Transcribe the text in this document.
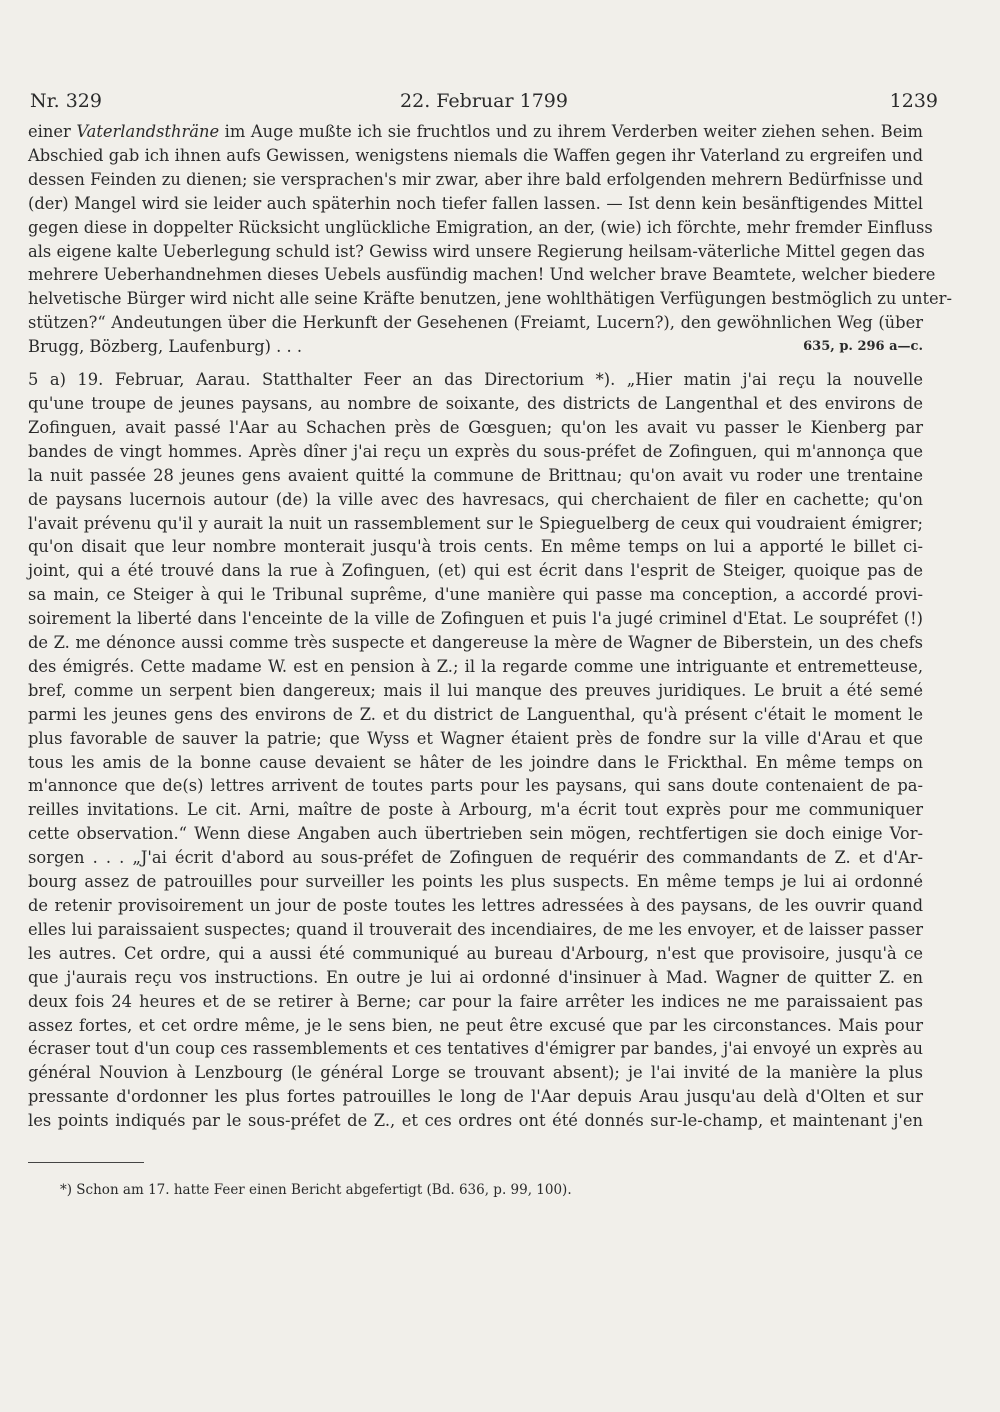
Nr. 329	22. Februar 1799	1239

einer Vaterlandsthräne im Auge mußte ich sie fruchtlos und zu ihrem Verderben weiter ziehen sehen. Beim
Abschied gab ich ihnen aufs Gewissen, wenigstens niemals die Waffen gegen ihr Vaterland zu ergreifen und
dessen Feinden zu dienen; sie versprachen's mir zwar, aber ihre bald erfolgenden mehrern Bedürfnisse und
(der) Mangel wird sie leider auch späterhin noch tiefer fallen lassen. — Ist denn kein besänftigendes Mittel
gegen diese in doppelter Rücksicht unglückliche Emigration, an der, (wie) ich förchte, mehr fremder Einfluss
als eigene kalte Ueberlegung schuld ist? Gewiss wird unsere Regierung heilsam-väterliche Mittel gegen das
mehrere Ueberhandnehmen dieses Uebels ausfündig machen! Und welcher brave Beamtete, welcher biedere
helvetische Bürger wird nicht alle seine Kräfte benutzen, jene wohlthätigen Verfügungen bestmöglich zu unter-
stützen?“ Andeutungen über die Herkunft der Gesehenen (Freiamt, Lucern?), den gewöhnlichen Weg (über

Brugg, Bözberg, Laufenburg) . . .	635, p. 296 a—c.

5 a) 19. Februar, Aarau. Statthalter Feer an das Directorium *). „Hier matin j'ai reçu la nouvelle
qu'une troupe de jeunes paysans, au nombre de soixante, des districts de Langenthal et des environs de
Zofinguen, avait passé l'Aar au Schachen près de Gœsguen; qu'on les avait vu passer le Kienberg par
bandes de vingt hommes. Après dîner j'ai reçu un exprès du sous-préfet de Zofinguen, qui m'annonça que
la nuit passée 28 jeunes gens avaient quitté la commune de Brittnau; qu'on avait vu roder une trentaine
de paysans lucernois autour (de) la ville avec des havresacs, qui cherchaient de filer en cachette; qu'on
l'avait prévenu qu'il y aurait la nuit un rassemblement sur le Spieguelberg de ceux qui voudraient émigrer;
qu'on disait que leur nombre monterait jusqu'à trois cents. En même temps on lui a apporté le billet ci-
joint, qui a été trouvé dans la rue à Zofinguen, (et) qui est écrit dans l'esprit de Steiger, quoique pas de
sa main, ce Steiger à qui le Tribunal suprême, d'une manière qui passe ma conception, a accordé provi-
soirement la liberté dans l'enceinte de la ville de Zofinguen et puis l'a jugé criminel d'Etat. Le soupréfet (!)
de Z. me dénonce aussi comme très suspecte et dangereuse la mère de Wagner de Biberstein, un des chefs
des émigrés. Cette madame W. est en pension à Z.; il la regarde comme une intriguante et entremetteuse,
bref, comme un serpent bien dangereux; mais il lui manque des preuves juridiques. Le bruit a été semé
parmi les jeunes gens des environs de Z. et du district de Languenthal, qu'à présent c'était le moment le
plus favorable de sauver la patrie; que Wyss et Wagner étaient près de fondre sur la ville d'Arau et que
tous les amis de la bonne cause devaient se hâter de les joindre dans le Frickthal. En même temps on
m'annonce que de(s) lettres arrivent de toutes parts pour les paysans, qui sans doute contenaient de pa-
reilles invitations. Le cit. Arni, maître de poste à Arbourg, m'a écrit tout exprès pour me communiquer
cette observation.“ Wenn diese Angaben auch übertrieben sein mögen, rechtfertigen sie doch einige Vor-
sorgen . . . „J'ai écrit d'abord au sous-préfet de Zofinguen de requérir des commandants de Z. et d'Ar-
bourg assez de patrouilles pour surveiller les points les plus suspects. En même temps je lui ai ordonné
de retenir provisoirement un jour de poste toutes les lettres adressées à des paysans, de les ouvrir quand
elles lui paraissaient suspectes; quand il trouverait des incendiaires, de me les envoyer, et de laisser passer
les autres. Cet ordre, qui a aussi été communiqué au bureau d'Arbourg, n'est que provisoire, jusqu'à ce
que j'aurais reçu vos instructions. En outre je lui ai ordonné d'insinuer à Mad. Wagner de quitter Z. en
deux fois 24 heures et de se retirer à Berne; car pour la faire arrêter les indices ne me paraissaient pas
assez fortes, et cet ordre même, je le sens bien, ne peut être excusé que par les circonstances. Mais pour
écraser tout d'un coup ces rassemblements et ces tentatives d'émigrer par bandes, j'ai envoyé un exprès au
général Nouvion à Lenzbourg (le général Lorge se trouvant absent); je l'ai invité de la manière la plus
pressante d'ordonner les plus fortes patrouilles le long de l'Aar depuis Arau jusqu'au delà d'Olten et sur
les points indiqués par le sous-préfet de Z., et ces ordres ont été donnés sur-le-champ, et maintenant j'en

*) Schon am 17. hatte Feer einen Bericht abgefertigt (Bd. 636, p. 99, 100).
